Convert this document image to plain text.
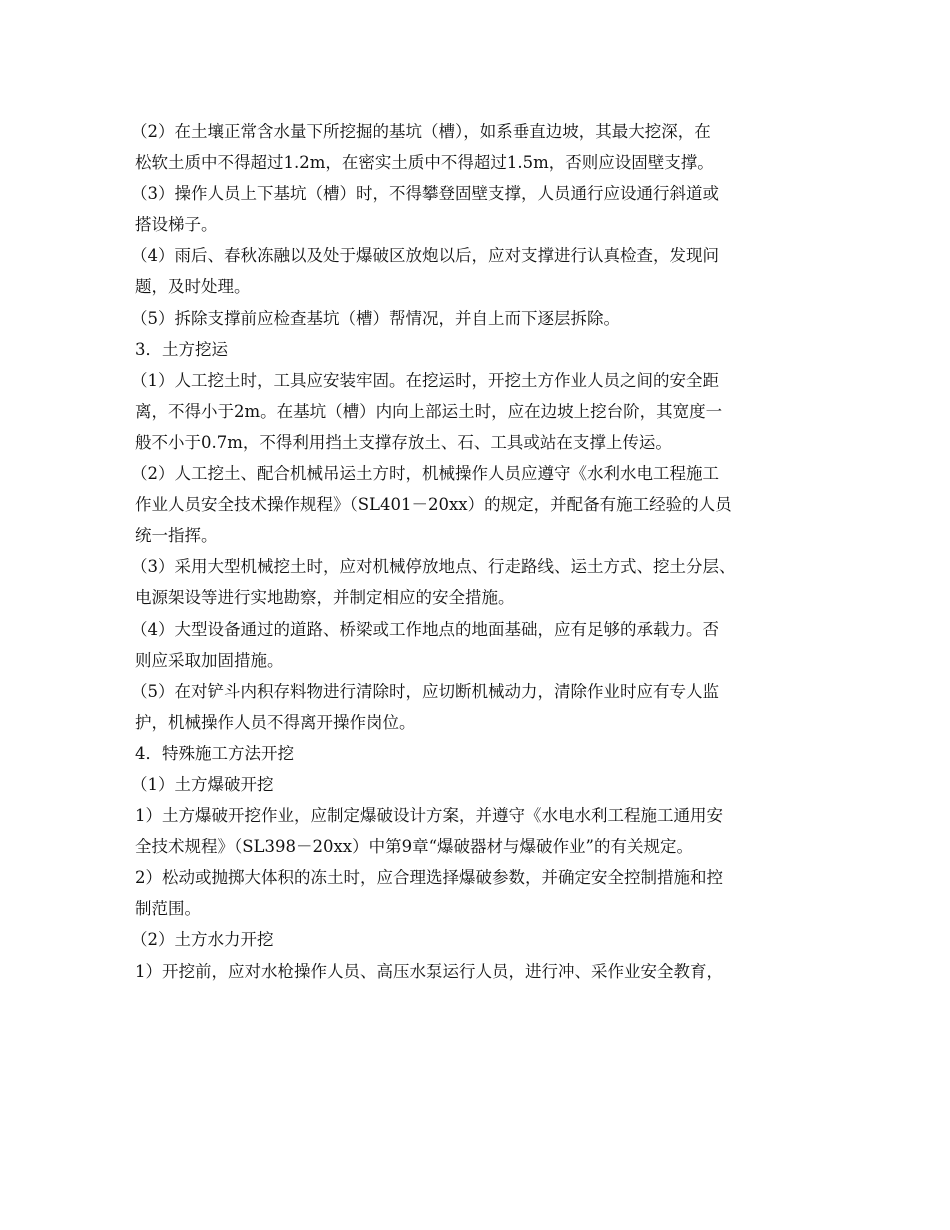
（2）在土壤正常含水量下所挖掘的基坑（槽），如系垂直边坡，其最大挖深，在
松软土质中不得超过1.2m，在密实土质中不得超过1.5m，否则应设固壁支撑。
（3）操作人员上下基坑（槽）时，不得攀登固壁支撑，人员通行应设通行斜道或
搭设梯子。
（4）雨后、春秋冻融以及处于爆破区放炮以后，应对支撑进行认真检查，发现问
题，及时处理。
（5）拆除支撑前应检查基坑（槽）帮情况，并自上而下逐层拆除。
3．土方挖运
（1）人工挖土时，工具应安装牢固。在挖运时，开挖土方作业人员之间的安全距
离，不得小于2m。在基坑（槽）内向上部运土时，应在边坡上挖台阶，其宽度一
般不小于0.7m，不得利用挡土支撑存放土、石、工具或站在支撑上传运。
（2）人工挖土、配合机械吊运土方时，机械操作人员应遵守《水利水电工程施工
作业人员安全技术操作规程》（SL401－20xx）的规定，并配备有施工经验的人员
统一指挥。
（3）采用大型机械挖土时，应对机械停放地点、行走路线、运土方式、挖土分层、
电源架设等进行实地勘察，并制定相应的安全措施。
（4）大型设备通过的道路、桥梁或工作地点的地面基础，应有足够的承载力。否
则应采取加固措施。
（5）在对铲斗内积存料物进行清除时，应切断机械动力，清除作业时应有专人监
护，机械操作人员不得离开操作岗位。
4．特殊施工方法开挖
（1）土方爆破开挖
1）土方爆破开挖作业，应制定爆破设计方案，并遵守《水电水利工程施工通用安
全技术规程》（SL398－20xx）中第9章“爆破器材与爆破作业”的有关规定。
2）松动或抛掷大体积的冻土时，应合理选择爆破参数，并确定安全控制措施和控
制范围。
（2）土方水力开挖
1）开挖前，应对水枪操作人员、高压水泵运行人员，进行冲、采作业安全教育，
